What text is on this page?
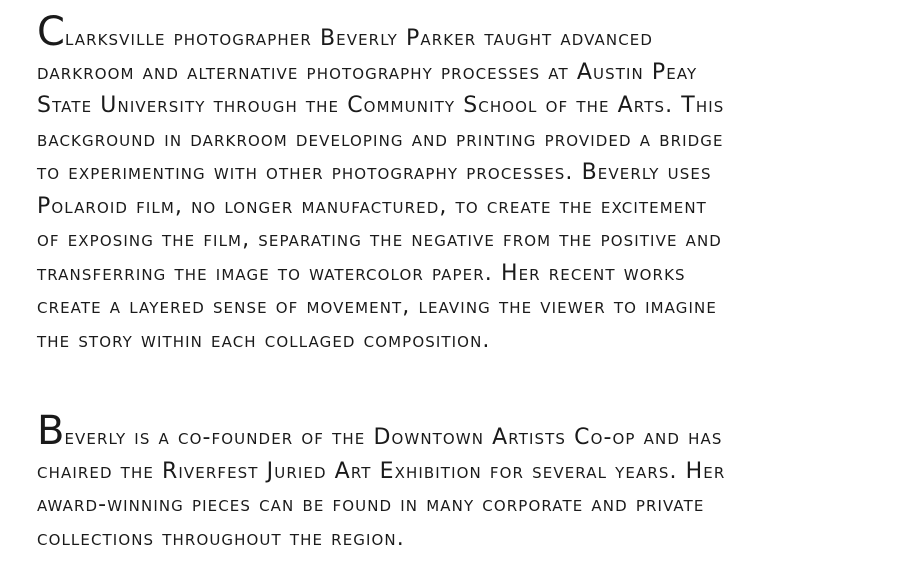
Clarksville photographer Beverly Parker taught advanced
darkroom and alternative photography processes at Austin Peay
State University through the Community School of the Arts. This
background in darkroom developing and printing provided a bridge
to experimenting with other photography processes. Beverly uses
Polaroid film, no longer manufactured, to create the excitement
of exposing the film, separating the negative from the positive and
transferring the image to watercolor paper. Her recent works
create a layered sense of movement, leaving the viewer to imagine
the story within each collaged composition.

Beverly is a co-founder of the Downtown Artists Co-op and has
chaired the Riverfest Juried Art Exhibition for several years. Her
award-winning pieces can be found in many corporate and private
collections throughout the region.
